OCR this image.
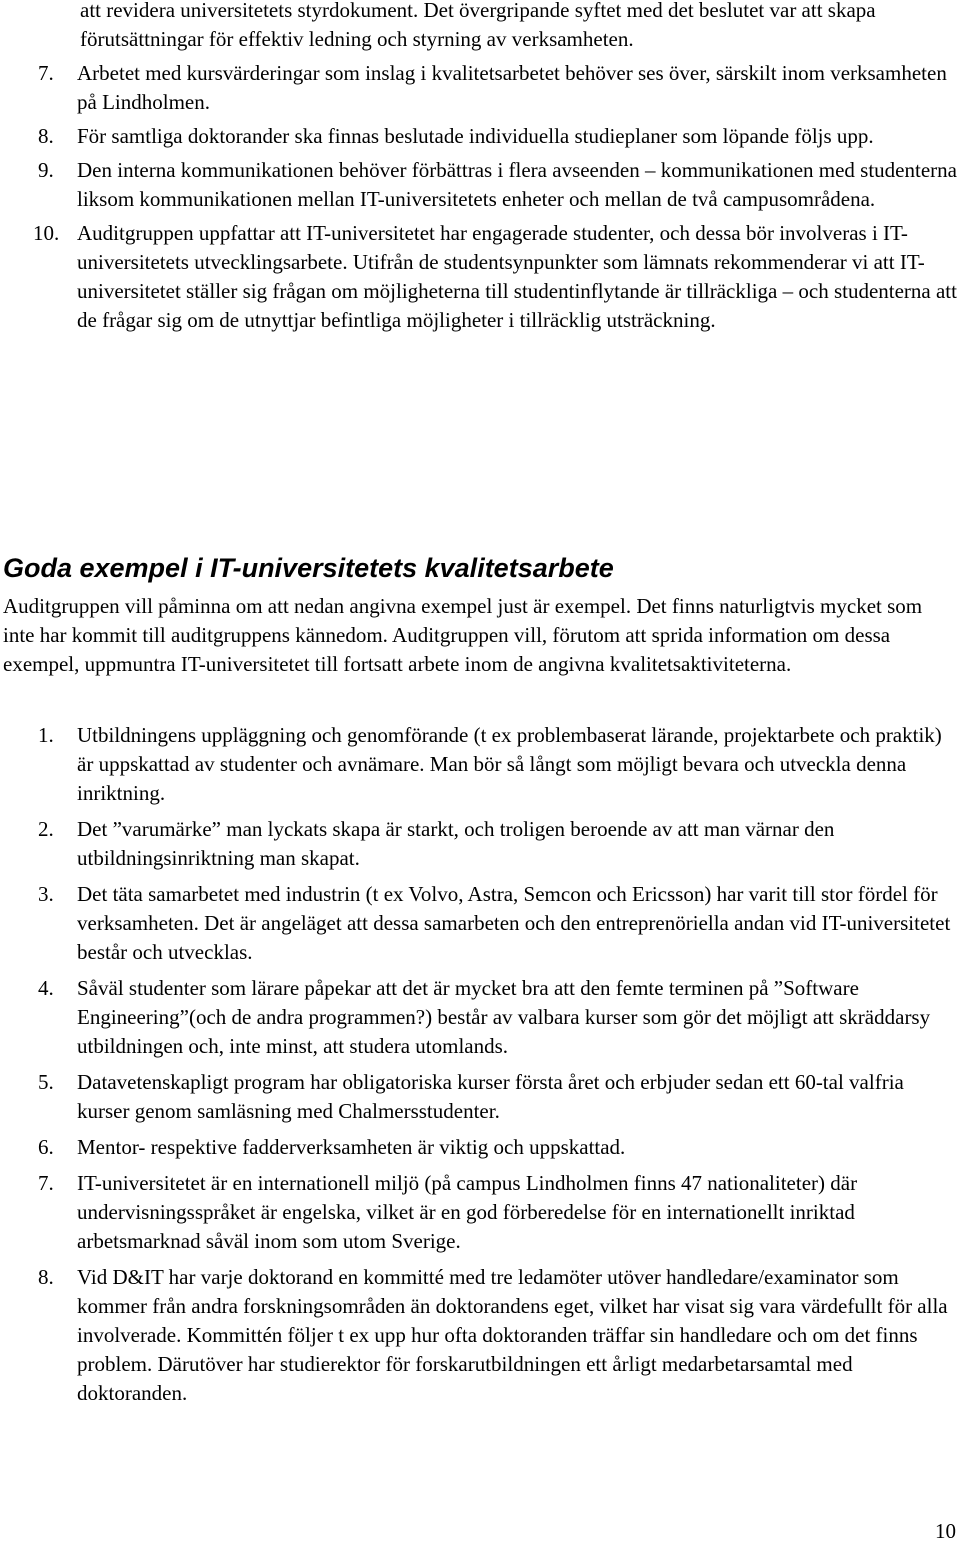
att revidera universitetets styrdokument. Det övergripande syftet med det beslutet var att skapa förutsättningar för effektiv ledning och styrning av verksamheten.
7. Arbetet med kursvärderingar som inslag i kvalitetsarbetet behöver ses över, särskilt inom verksamheten på Lindholmen.
8. För samtliga doktorander ska finnas beslutade individuella studieplaner som löpande följs upp.
9. Den interna kommunikationen behöver förbättras i flera avseenden – kommunikationen med studenterna liksom kommunikationen mellan IT-universitetets enheter och mellan de två campusområdena.
10. Auditgruppen uppfattar att IT-universitetet har engagerade studenter, och dessa bör involveras i IT-universitetets utvecklingsarbete. Utifrån de studentsynpunkter som lämnats rekommenderar vi att IT-universitetet ställer sig frågan om möjligheterna till studentinflytande är tillräckliga – och studenterna att de frågar sig om de utnyttjar befintliga möjligheter i tillräcklig utsträckning.
Goda exempel i IT-universitetets kvalitetsarbete

Auditgruppen vill påminna om att nedan angivna exempel just är exempel. Det finns naturligtvis mycket som inte har kommit till auditgruppens kännedom. Auditgruppen vill, förutom att sprida information om dessa exempel, uppmuntra IT-universitetet till fortsatt arbete inom de angivna kvalitetsaktiviteterna.

1. Utbildningens uppläggning och genomförande (t ex problembaserat lärande, projektarbete och praktik) är uppskattad av studenter och avnämare. Man bör så långt som möjligt bevara och utveckla denna inriktning.
2. Det ”varumärke” man lyckats skapa är starkt, och troligen beroende av att man värnar den utbildningsinriktning man skapat.
3. Det täta samarbetet med industrin (t ex Volvo, Astra, Semcon och Ericsson) har varit till stor fördel för verksamheten. Det är angeläget att dessa samarbeten och den entreprenöriella andan vid IT-universitetet består och utvecklas.
4. Såväl studenter som lärare påpekar att det är mycket bra att den femte terminen på ”Software Engineering”(och de andra programmen?) består av valbara kurser som gör det möjligt att skräddarsy utbildningen och, inte minst, att studera utomlands.
5. Datavetenskapligt program har obligatoriska kurser första året och erbjuder sedan ett 60-tal valfria kurser genom samläsning med Chalmersstudenter.
6. Mentor- respektive fadderverksamheten är viktig och uppskattad.
7. IT-universitetet är en internationell miljö (på campus Lindholmen finns 47 nationaliteter) där undervisningsspråket är engelska, vilket är en god förberedelse för en internationellt inriktad arbetsmarknad såväl inom som utom Sverige.
8. Vid D&IT har varje doktorand en kommitté med tre ledamöter utöver handledare/examinator som kommer från andra forskningsområden än doktorandens eget, vilket har visat sig vara värdefullt för alla involverade. Kommittén följer t ex upp hur ofta doktoranden träffar sin handledare och om det finns problem. Därutöver har studierektor för forskarutbildningen ett årligt medarbetarsamtal med doktoranden.
10
